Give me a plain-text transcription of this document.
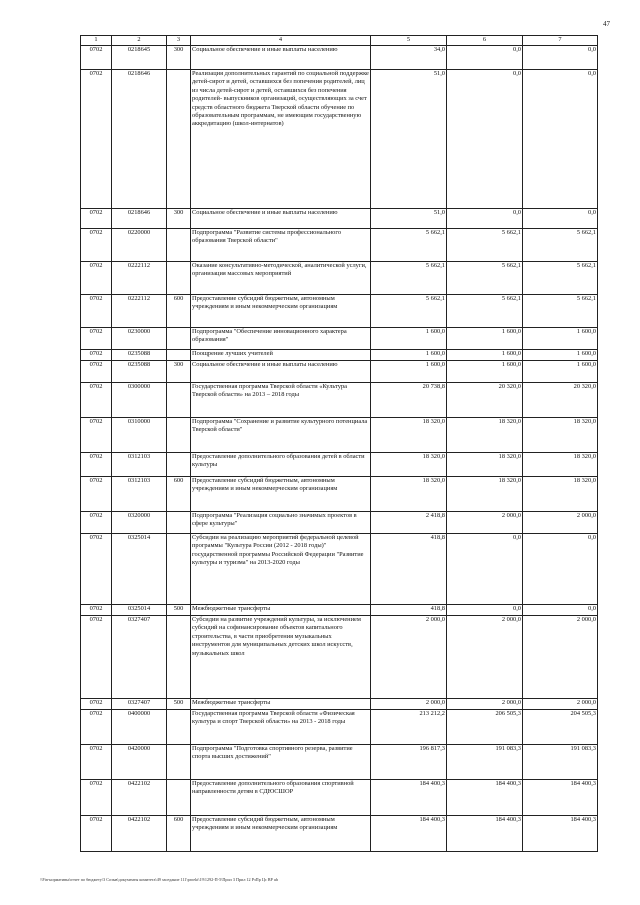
47
1	2	3	4	5	6	7
0702	0218645	300	Социальное обеспечение и иные выплаты населению	34,0	0,0	0,0
0702	0218646		Реализация дополнительных гарантий по социальной поддержке детей-сирот и детей, оставшихся без попечения родителей, лиц из числа детей-сирот и детей, оставшихся без попечения родителей- выпускников организаций, осуществляющих за счет средств областного бюджета Тверской области обучение по образовательным программам, не имеющим государственную аккредитацию (школ-интернатов)	51,0	0,0	0,0
0702	0218646	300	Социальное обеспечение и иные выплаты населению	51,0	0,0	0,0
0702	0220000		Подпрограмма "Развитие системы профессионального образования Тверской области"	5 662,1	5 662,1	5 662,1
0702	0222112		Оказание консультативно-методической, аналитической услуги, организация массовых мероприятий	5 662,1	5 662,1	5 662,1
0702	0222112	600	Предоставление субсидий бюджетным, автономным учреждениям и иным некоммерческим организациям	5 662,1	5 662,1	5 662,1
0702	0230000		Подпрограмма "Обеспечение инновационного характера образования"	1 600,0	1 600,0	1 600,0
0702	0235088		Поощрение лучших учителей	1 600,0	1 600,0	1 600,0
0702	0235088	300	Социальное обеспечение и иные выплаты населению	1 600,0	1 600,0	1 600,0
0702	0300000		Государственная программа Тверской области «Культура Тверской области» на 2013 – 2018 годы	20 738,8	20 320,0	20 320,0
0702	0310000		Подпрограмма "Сохранение и развитие культурного потенциала Тверской области"	18 320,0	18 320,0	18 320,0
0702	0312103		Предоставление дополнительного образования детей в области культуры	18 320,0	18 320,0	18 320,0
0702	0312103	600	Предоставление субсидий бюджетным, автономным учреждениям и иным некоммерческим организациям	18 320,0	18 320,0	18 320,0
0702	0320000		Подпрограмма "Реализация социально значимых проектов в сфере культуры"	2 418,8	2 000,0	2 000,0
0702	0325014		Субсидии на реализацию мероприятий федеральной целевой программы "Культура России (2012 - 2018 годы)" государственной программы Российской Федерации "Развитие культуры и туризма" на 2013-2020 годы	418,8	0,0	0,0
0702	0325014	500	Межбюджетные трансферты	418,8	0,0	0,0
0702	0327407		Субсидии на развитие учреждений культуры, за исключением субсидий на софинансирование объектов капитального строительства, в части приобретения музыкальных инструментов для муниципальных детских школ искусств, музыкальных школ	2 000,0	2 000,0	2 000,0
0702	0327407	500	Межбюджетные трансферты	2 000,0	2 000,0	2 000,0
0702	0400000		Государственная программа Тверской области «Физическая культура и спорт Тверской области» на 2013 - 2018 годы	213 212,2	206 505,3	204 505,3
0702	0420000		Подпрограмма "Подготовка спортивного резерва, развитие спорта высших достижений"	196 817,3	191 083,3	191 083,3
0702	0422102		Предоставление дополнительного образования спортивной направленности детям в СДЮСШОР	184 400,3	184 400,3	184 400,3
0702	0422102	600	Предоставление субсидий бюджетным, автономным учреждениям и иным некоммерческим организациям	184 400,3	184 400,3	184 400,3
\\Fin-нормативы\отчет по бюджету\3 Созыв\документы комитета\49 заседание 111\proekt\19\1292-П-5\Прил 3 Прил 12 РзПр Цс ВР ub
